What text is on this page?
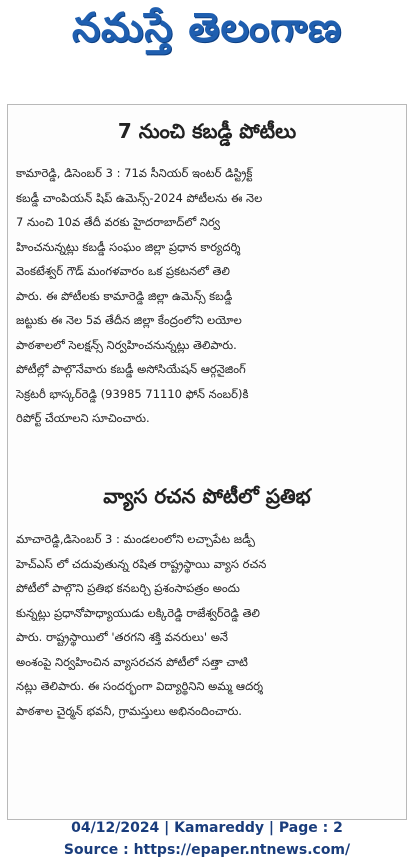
నమస్తే తెలంగాణ
7 నుంచి కబడ్డీ పోటీలు
కామారెడ్డి, డిసెంబర్ 3 : 71వ సీనియర్ ఇంటర్ డిస్ట్రిక్ట్
కబడ్డీ చాంపియన్ షిప్ ఉమెన్స్-2024 పోటీలను ఈ నెల
7 నుంచి 10వ తేదీ వరకు హైదరాబాద్‌లో నిర్వ
హించనున్నట్లు కబడ్డీ సంఘం జిల్లా ప్రధాన కార్యదర్శి
వెంకటేశ్వర్ గౌడ్ మంగళవారం ఒక ప్రకటనలో తెలి
పారు. ఈ పోటీలకు కామారెడ్డి జిల్లా ఉమెన్స్ కబడ్డీ
జట్టుకు ఈ నెల 5వ తేదీన జిల్లా కేంద్రంలోని లయోల
పాఠశాలలో సెలక్షన్స్ నిర్వహించనున్నట్లు తెలిపారు.
పోటీల్లో పాల్గొనేవారు కబడ్డీ అసోసియేషన్ ఆర్గనైజింగ్
సెక్రటరీ భాస్కర్‌రెడ్డి (93985 71110 ఫోన్ నంబర్)కి
రిపోర్ట్ చేయాలని సూచించారు.
వ్యాస రచన పోటీలో ప్రతిభ
మాచారెడ్డి,డిసెంబర్ 3 : మండలంలోని లచ్చాపేట జడ్పీ
హెచ్ఎస్ లో చదువుతున్న రషిత రాష్ట్రస్థాయి వ్యాస రచన
పోటీలో పాల్గొని ప్రతిభ కనబర్చి ప్రశంసాపత్రం అందు
కున్నట్లు ప్రధానోపాధ్యాయుడు లక్కిరెడ్డి రాజేశ్వర్‌రెడ్డి తెలి
పారు. రాష్ట్రస్థాయిలో 'తరగని శక్తి వనరులు' అనే
అంశంపై నిర్వహించిన వ్యాసరచన పోటీలో సత్తా చాటి
నట్లు తెలిపారు. ఈ సందర్భంగా విద్యార్థినిని అమ్మ ఆదర్శ
పాఠశాల చైర్మన్ భవనీ, గ్రామస్తులు అభినందించారు.
04/12/2024 | Kamareddy | Page : 2
Source : https://epaper.ntnews.com/
